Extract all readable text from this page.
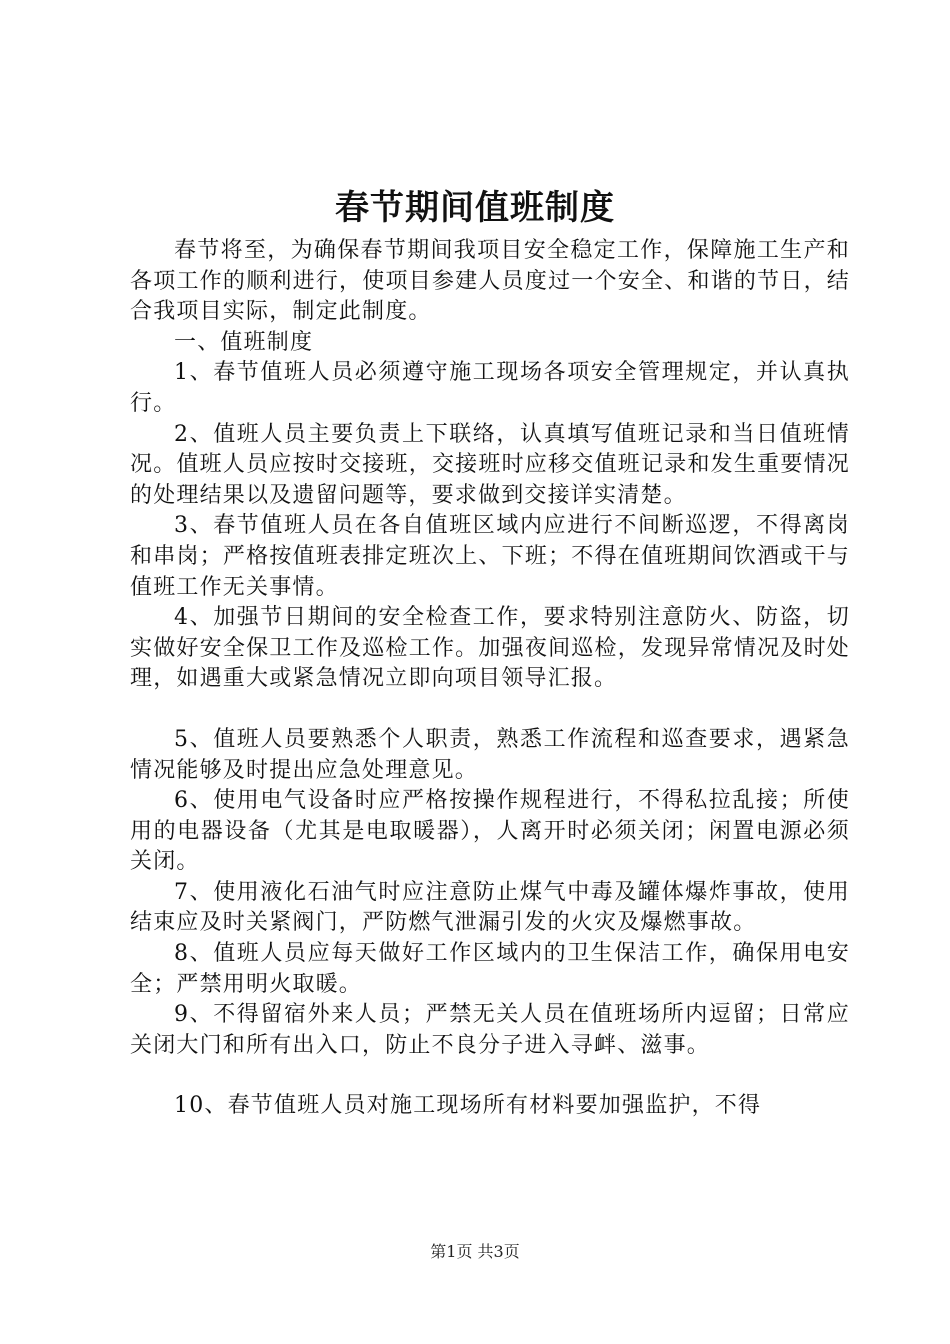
春节期间值班制度

春节将至，为确保春节期间我项目安全稳定工作，保障施工生产和各项工作的顺利进行，使项目参建人员度过一个安全、和谐的节日，结合我项目实际，制定此制度。

一、值班制度

1、春节值班人员必须遵守施工现场各项安全管理规定，并认真执行。

2、值班人员主要负责上下联络，认真填写值班记录和当日值班情况。值班人员应按时交接班，交接班时应移交值班记录和发生重要情况的处理结果以及遗留问题等，要求做到交接详实清楚。

3、春节值班人员在各自值班区域内应进行不间断巡逻，不得离岗和串岗；严格按值班表排定班次上、下班；不得在值班期间饮酒或干与值班工作无关事情。

4、加强节日期间的安全检查工作，要求特别注意防火、防盗，切实做好安全保卫工作及巡检工作。加强夜间巡检，发现异常情况及时处理，如遇重大或紧急情况立即向项目领导汇报。

5、值班人员要熟悉个人职责，熟悉工作流程和巡查要求，遇紧急情况能够及时提出应急处理意见。

6、使用电气设备时应严格按操作规程进行，不得私拉乱接；所使用的电器设备（尤其是电取暖器），人离开时必须关闭；闲置电源必须关闭。

7、使用液化石油气时应注意防止煤气中毒及罐体爆炸事故，使用结束应及时关紧阀门，严防燃气泄漏引发的火灾及爆燃事故。

8、值班人员应每天做好工作区域内的卫生保洁工作，确保用电安全；严禁用明火取暖。

9、不得留宿外来人员；严禁无关人员在值班场所内逗留；日常应关闭大门和所有出入口，防止不良分子进入寻衅、滋事。

10、春节值班人员对施工现场所有材料要加强监护，不得

第1页 共3页
